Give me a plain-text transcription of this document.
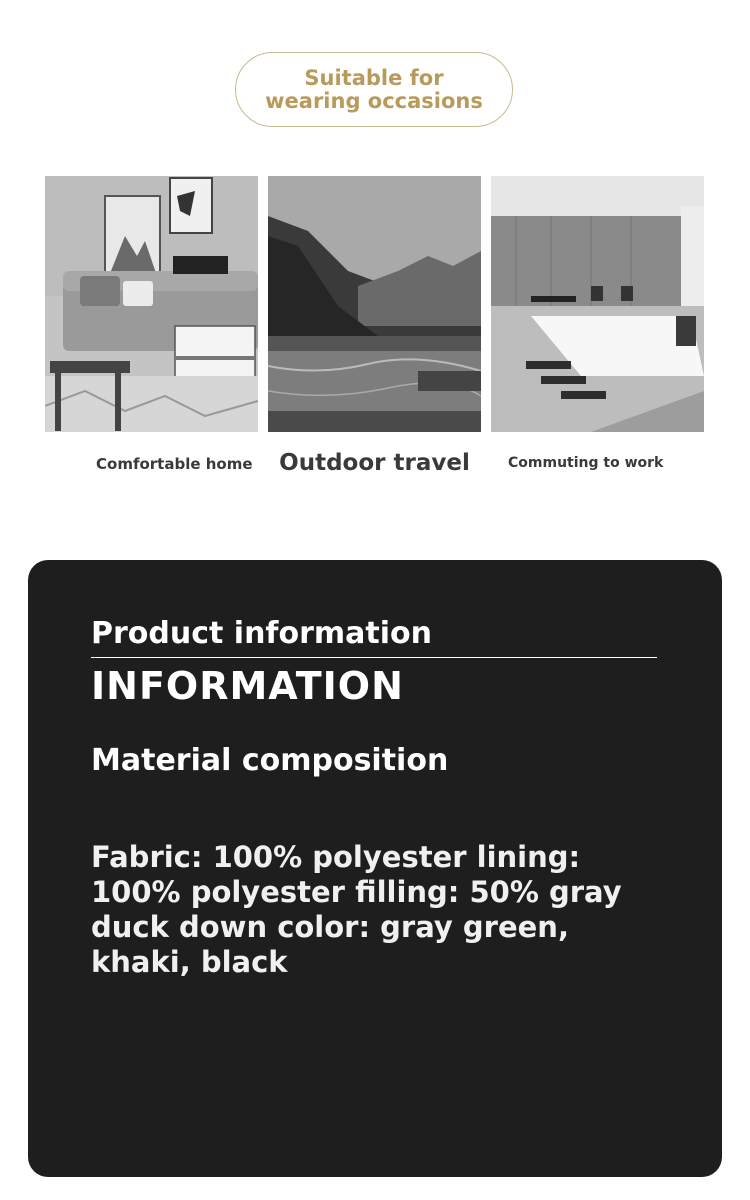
Suitable for wearing occasions
Comfortable home	Outdoor travel	Commuting to work
Product information
INFORMATION
Material composition
Fabric: 100% polyester lining: 100% polyester filling: 50% gray duck down color: gray green, khaki, black
